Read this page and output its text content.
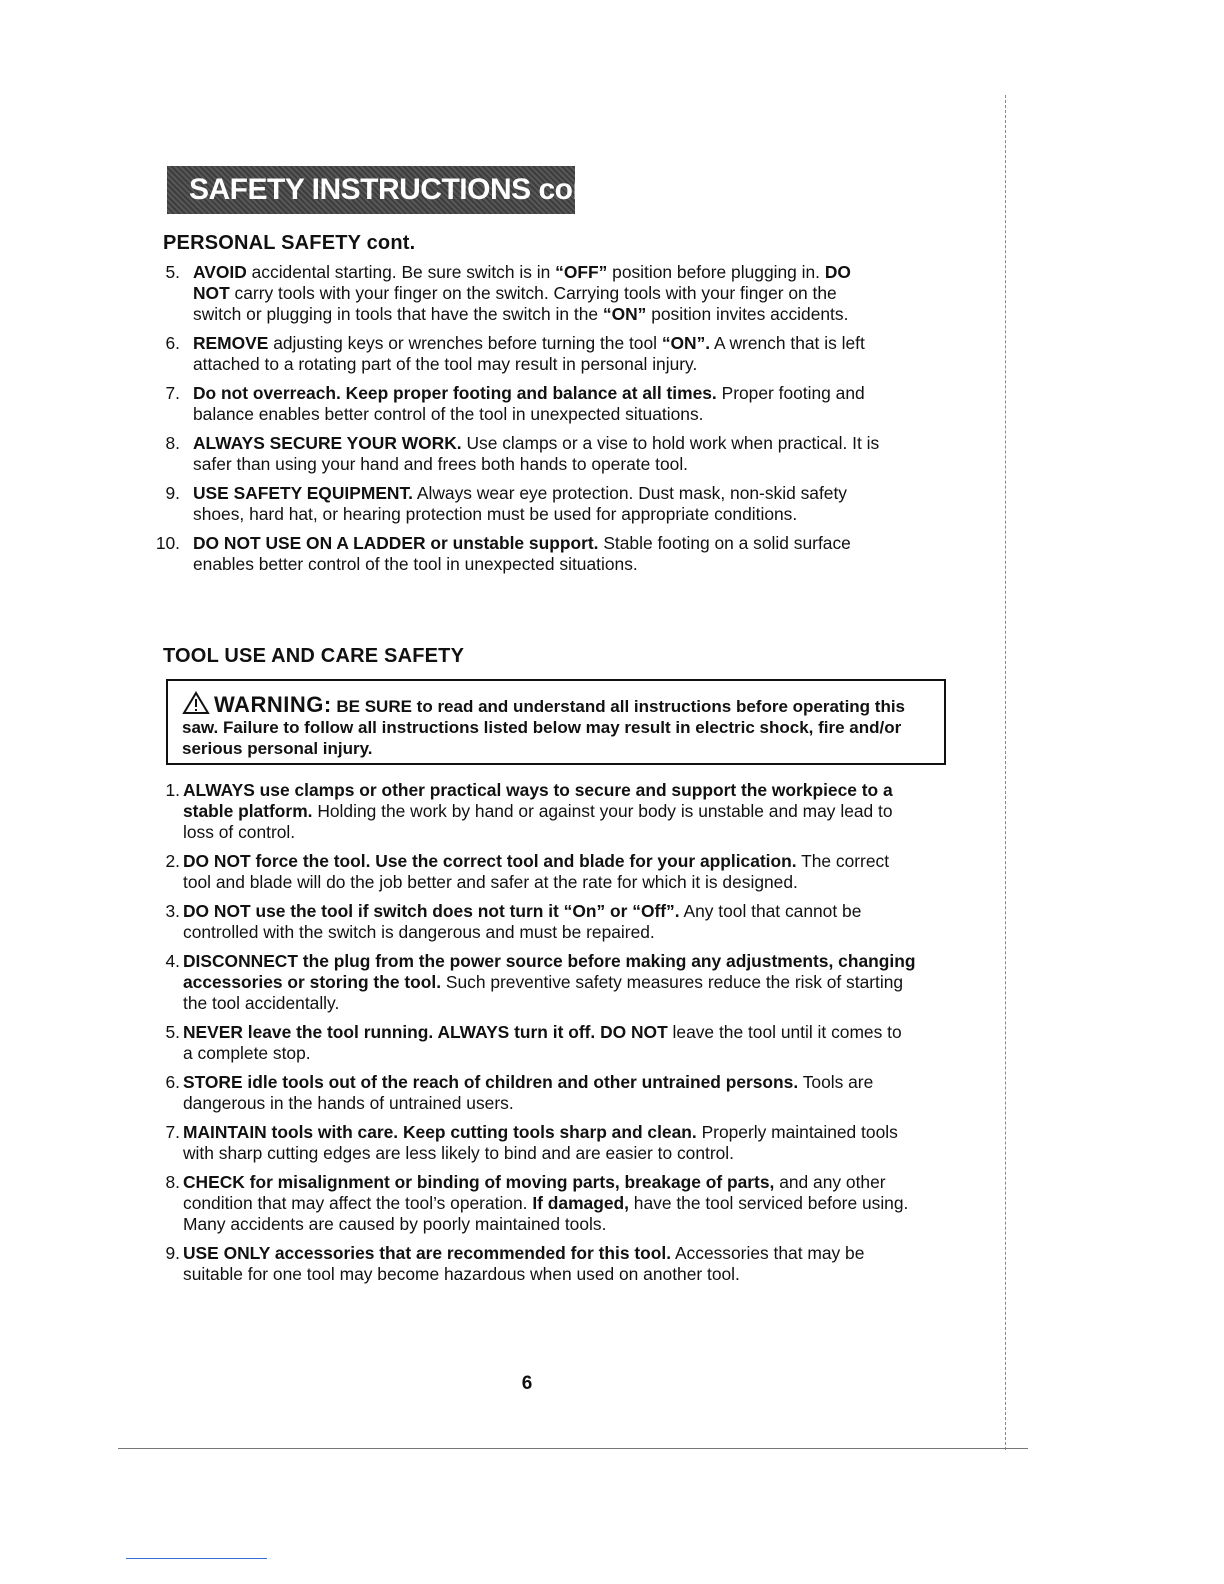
SAFETY INSTRUCTIONS cont.
PERSONAL SAFETY cont.
5. AVOID accidental starting. Be sure switch is in “OFF” position before plugging in. DO NOT carry tools with your finger on the switch. Carrying tools with your finger on the switch or plugging in tools that have the switch in the “ON” position invites accidents.
6. REMOVE adjusting keys or wrenches before turning the tool “ON”. A wrench that is left attached to a rotating part of the tool may result in personal injury.
7. Do not overreach. Keep proper footing and balance at all times. Proper footing and balance enables better control of the tool in unexpected situations.
8. ALWAYS SECURE YOUR WORK. Use clamps or a vise to hold work when practical. It is safer than using your hand and frees both hands to operate tool.
9. USE SAFETY EQUIPMENT. Always wear eye protection. Dust mask, non-skid safety shoes, hard hat, or hearing protection must be used for appropriate conditions.
10. DO NOT USE ON A LADDER or unstable support. Stable footing on a solid surface enables better control of the tool in unexpected situations.
TOOL USE AND CARE SAFETY
WARNING: BE SURE to read and understand all instructions before operating this saw. Failure to follow all instructions listed below may result in electric shock, fire and/or serious personal injury.
1. ALWAYS use clamps or other practical ways to secure and support the workpiece to a stable platform. Holding the work by hand or against your body is unstable and may lead to loss of control.
2. DO NOT force the tool. Use the correct tool and blade for your application. The correct tool and blade will do the job better and safer at the rate for which it is designed.
3. DO NOT use the tool if switch does not turn it “On” or “Off”. Any tool that cannot be controlled with the switch is dangerous and must be repaired.
4. DISCONNECT the plug from the power source before making any adjustments, changing accessories or storing the tool. Such preventive safety measures reduce the risk of starting the tool accidentally.
5. NEVER leave the tool running. ALWAYS turn it off. DO NOT leave the tool until it comes to a complete stop.
6. STORE idle tools out of the reach of children and other untrained persons. Tools are dangerous in the hands of untrained users.
7. MAINTAIN tools with care. Keep cutting tools sharp and clean. Properly maintained tools with sharp cutting edges are less likely to bind and are easier to control.
8. CHECK for misalignment or binding of moving parts, breakage of parts, and any other condition that may affect the tool’s operation. If damaged, have the tool serviced before using. Many accidents are caused by poorly maintained tools.
9. USE ONLY accessories that are recommended for this tool. Accessories that may be suitable for one tool may become hazardous when used on another tool.
6
